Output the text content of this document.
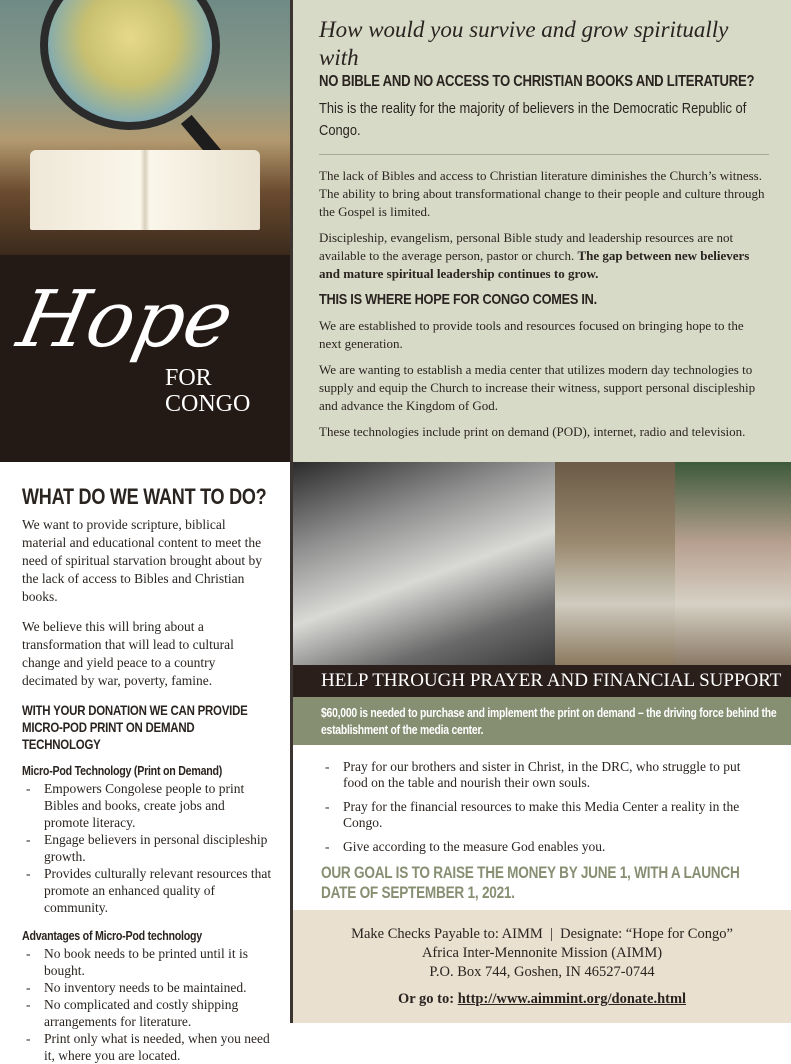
Hope
FOR
CONGO
How would you survive and grow spiritually with
NO BIBLE AND NO ACCESS TO CHRISTIAN BOOKS AND LITERATURE?
This is the reality for the majority of believers in the Democratic Republic of Congo.

The lack of Bibles and access to Christian literature diminishes the Church’s witness. The ability to bring about transformational change to their people and culture through the Gospel is limited.

Discipleship, evangelism, personal Bible study and leadership resources are not available to the average person, pastor or church. The gap between new believers and mature spiritual leadership continues to grow.

THIS IS WHERE HOPE FOR CONGO COMES IN.

We are established to provide tools and resources focused on bringing hope to the next generation.

We are wanting to establish a media center that utilizes modern day technologies to supply and equip the Church to increase their witness, support personal discipleship and advance the Kingdom of God.

These technologies include print on demand (POD), internet, radio and television.

WHAT DO WE WANT TO DO?

We want to provide scripture, biblical material and educational content to meet the need of spiritual starvation brought about by the lack of access to Bibles and Christian books.

We believe this will bring about a transformation that will lead to cultural change and yield peace to a country decimated by war, poverty, famine.

WITH YOUR DONATION WE CAN PROVIDE MICRO-POD PRINT ON DEMAND TECHNOLOGY
Micro-Pod Technology (Print on Demand)
- Empowers Congolese people to print Bibles and books, create jobs and promote literacy.
- Engage believers in personal discipleship growth.
- Provides culturally relevant resources that promote an enhanced quality of community.
Advantages of Micro-Pod technology
- No book needs to be printed until it is bought.
- No inventory needs to be maintained.
- No complicated and costly shipping arrangements for literature.
- Print only what is needed, when you need it, where you are located.
HELP THROUGH PRAYER AND FINANCIAL SUPPORT
$60,000 is needed to purchase and implement the print on demand – the driving force behind the establishment of the media center.
- Pray for our brothers and sister in Christ, in the DRC, who struggle to put food on the table and nourish their own souls.
- Pray for the financial resources to make this Media Center a reality in the Congo.
- Give according to the measure God enables you.
OUR GOAL IS TO RAISE THE MONEY BY JUNE 1, WITH A LAUNCH DATE OF SEPTEMBER 1, 2021.
Make Checks Payable to: AIMM  |  Designate: “Hope for Congo”
Africa Inter-Mennonite Mission (AIMM)
P.O. Box 744, Goshen, IN 46527-0744
Or go to: http://www.aimmint.org/donate.html
